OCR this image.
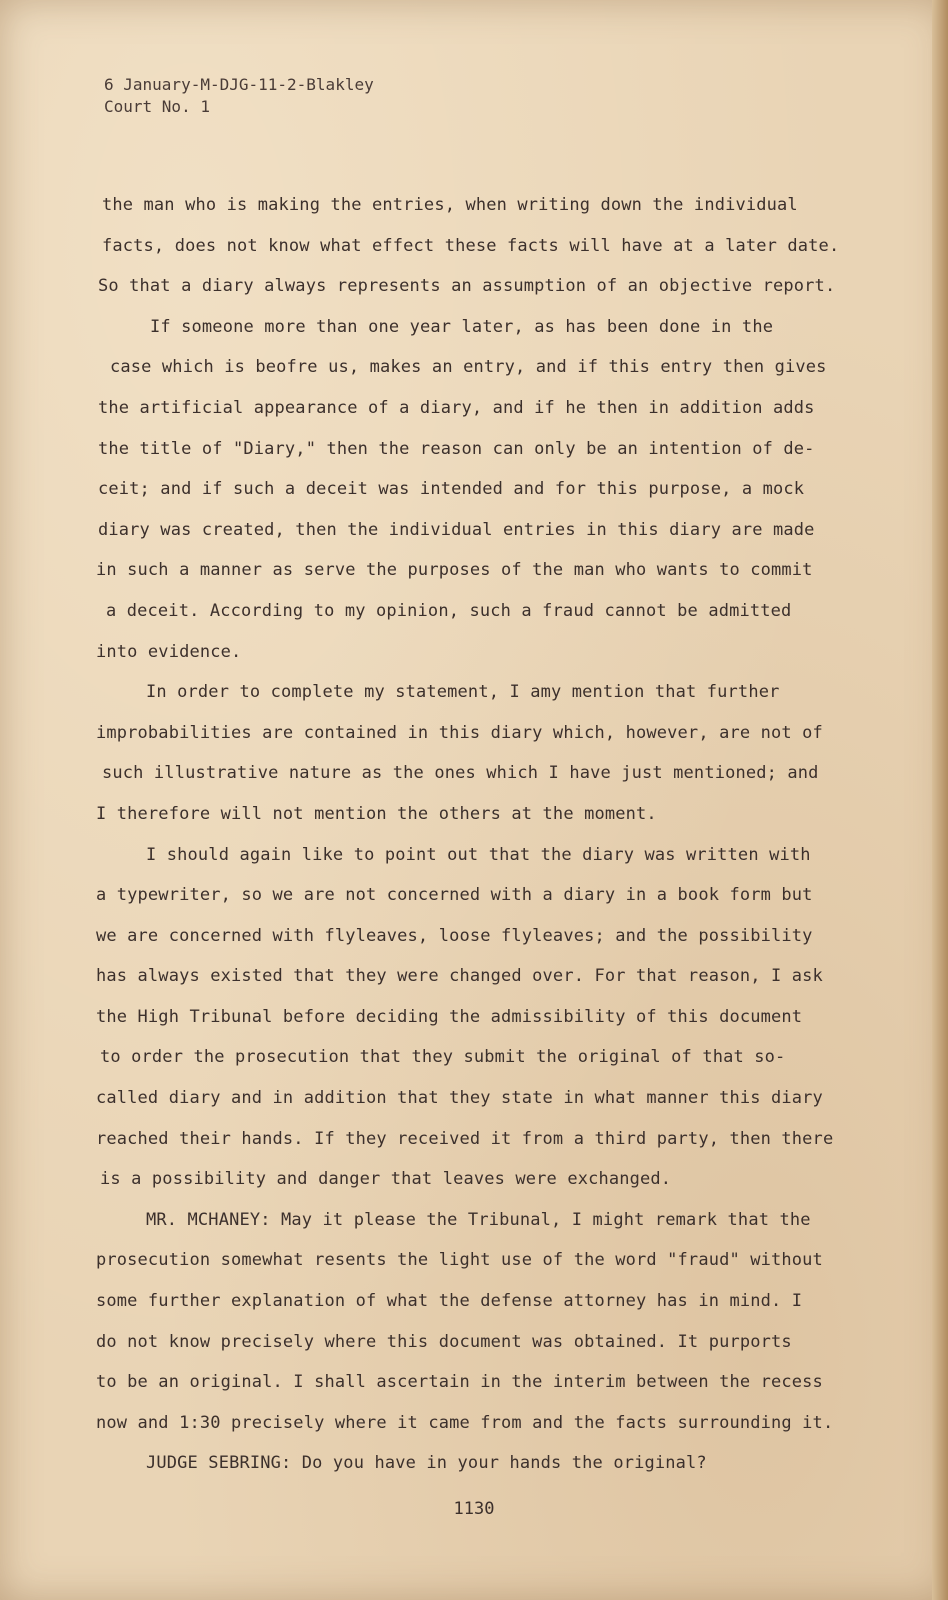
6 January-M-DJG-11-2-Blakley
Court No. 1
the man who is making the entries, when writing down the individual
facts, does not know what effect these facts will have at a later date.
So that a diary always represents an assumption of an objective report.
If someone more than one year later, as has been done in the
case which is beofre us, makes an entry, and if this entry then gives
the artificial appearance of a diary, and if he then in addition adds
the title of "Diary," then the reason can only be an intention of de-
ceit; and if such a deceit was intended and for this purpose, a mock
diary was created, then the individual entries in this diary are made
in such a manner as serve the purposes of the man who wants to commit
a deceit. According to my opinion, such a fraud cannot be admitted
into evidence.
In order to complete my statement, I amy mention that further
improbabilities are contained in this diary which, however, are not of
such illustrative nature as the ones which I have just mentioned; and
I therefore will not mention the others at the moment.
I should again like to point out that the diary was written with
a typewriter, so we are not concerned with a diary in a book form but
we are concerned with flyleaves, loose flyleaves; and the possibility
has always existed that they were changed over. For that reason, I ask
the High Tribunal before deciding the admissibility of this document
to order the prosecution that they submit the original of that so-
called diary and in addition that they state in what manner this diary
reached their hands. If they received it from a third party, then there
is a possibility and danger that leaves were exchanged.
MR. MCHANEY: May it please the Tribunal, I might remark that the
prosecution somewhat resents the light use of the word "fraud" without
some further explanation of what the defense attorney has in mind. I
do not know precisely where this document was obtained. It purports
to be an original. I shall ascertain in the interim between the recess
now and 1:30 precisely where it came from and the facts surrounding it.
JUDGE SEBRING: Do you have in your hands the original?
1130
